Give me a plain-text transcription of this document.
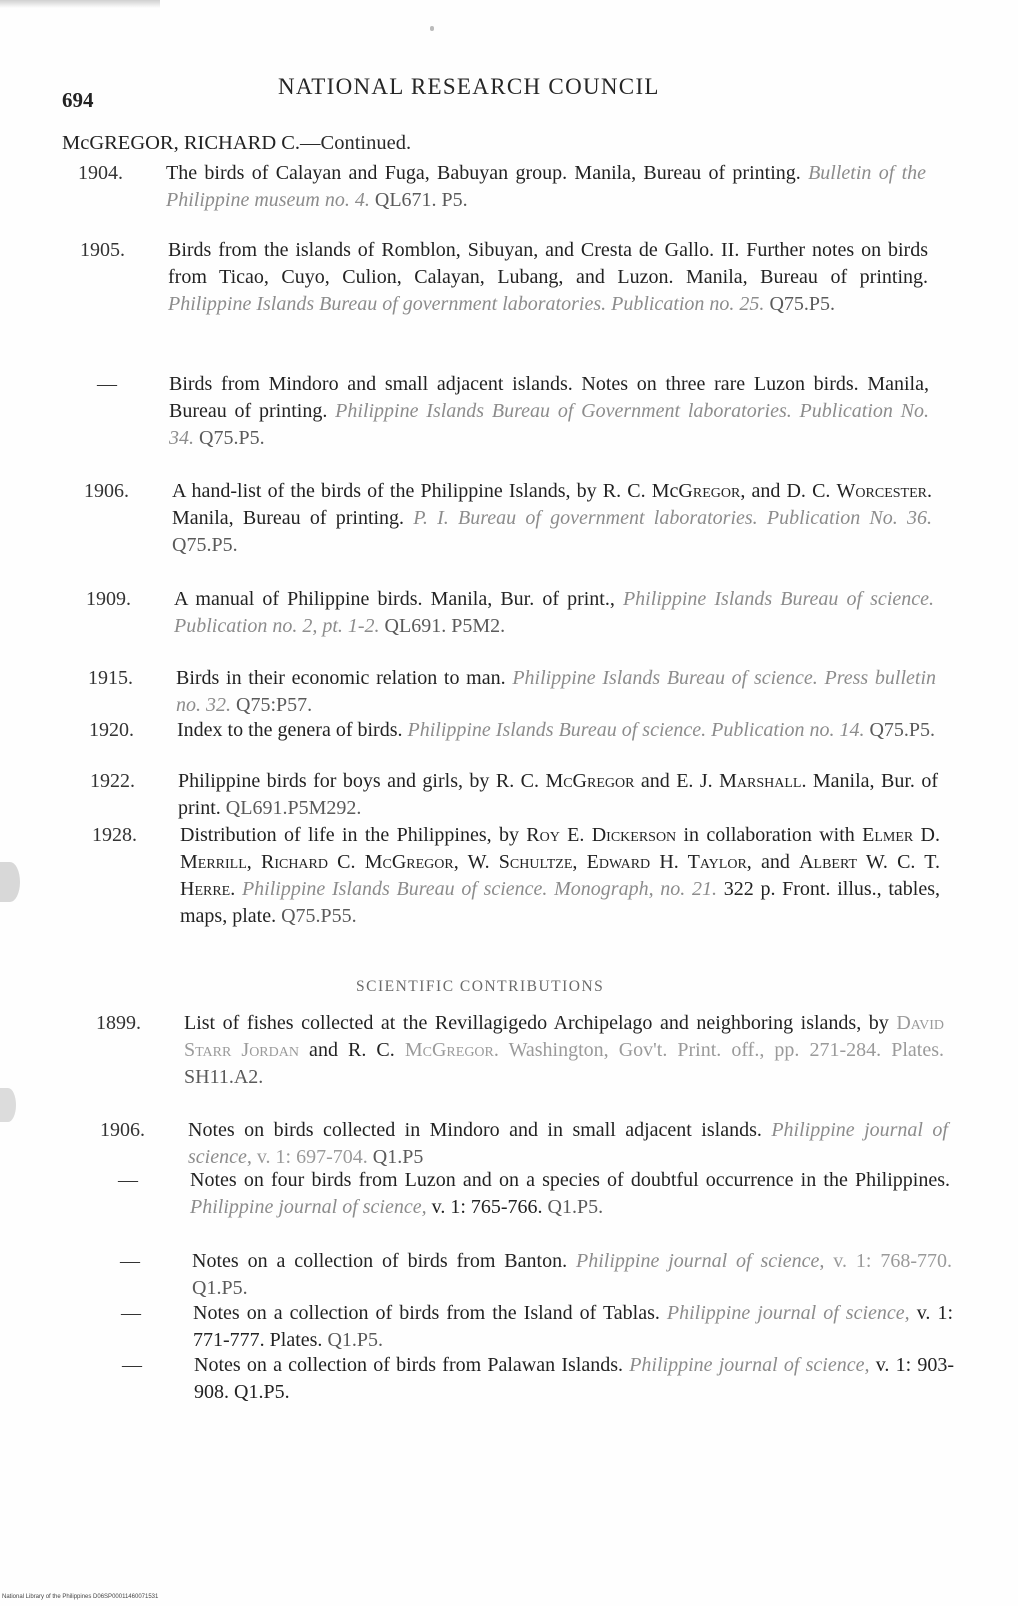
694
NATIONAL RESEARCH COUNCIL
McGREGOR, RICHARD C.—Continued.
1904.	The birds of Calayan and Fuga, Babuyan group. Manila, Bureau of printing. Bulletin of the Philippine museum no. 4. QL671. P5.
1905.	Birds from the islands of Romblon, Sibuyan, and Cresta de Gallo. II. Further notes on birds from Ticao, Cuyo, Culion, Calayan, Lubang, and Luzon. Manila, Bureau of printing. Philippine Islands Bureau of government laboratories. Publication no. 25. Q75.P5.
—	Birds from Mindoro and small adjacent islands. Notes on three rare Luzon birds. Manila, Bureau of printing. Philippine Islands Bureau of Government laboratories. Publication No. 34. Q75.P5.
1906.	A hand-list of the birds of the Philippine Islands, by R. C. McGregor, and D. C. Worcester. Manila, Bureau of printing. P. I. Bureau of government laboratories. Publication No. 36. Q75.P5.
1909.	A manual of Philippine birds. Manila, Bur. of print., Philippine Islands Bureau of science. Publication no. 2, pt. 1-2. QL691. P5M2.
1915.	Birds in their economic relation to man. Philippine Islands Bureau of science. Press bulletin no. 32. Q75:P57.
1920.	Index to the genera of birds. Philippine Islands Bureau of science. Publication no. 14. Q75.P5.
1922.	Philippine birds for boys and girls, by R. C. McGregor and E. J. Marshall. Manila, Bur. of print. QL691.P5M292.
1928.	Distribution of life in the Philippines, by Roy E. Dickerson in collaboration with Elmer D. Merrill, Richard C. McGregor, W. Schultze, Edward H. Taylor, and Albert W. C. T. Herre. Philippine Islands Bureau of science. Monograph, no. 21. 322 p. Front. illus., tables, maps, plate. Q75.P55.
SCIENTIFIC CONTRIBUTIONS
1899.	List of fishes collected at the Revillagigedo Archipelago and neighboring islands, by David Starr Jordan and R. C. McGregor. Washington, Gov't. Print. off., pp. 271-284. Plates. SH11.A2.
1906.	Notes on birds collected in Mindoro and in small adjacent islands. Philippine journal of science, v. 1: 697-704. Q1.P5
—	Notes on four birds from Luzon and on a species of doubtful occurrence in the Philippines. Philippine journal of science, v. 1: 765-766. Q1.P5.
—	Notes on a collection of birds from Banton. Philippine journal of science, v. 1: 768-770. Q1.P5.
—	Notes on a collection of birds from the Island of Tablas. Philippine journal of science, v. 1: 771-777. Plates. Q1.P5.
—	Notes on a collection of birds from Palawan Islands. Philippine journal of science, v. 1: 903-908. Q1.P5.
National Library of the Philippines D06SP00011460071531
